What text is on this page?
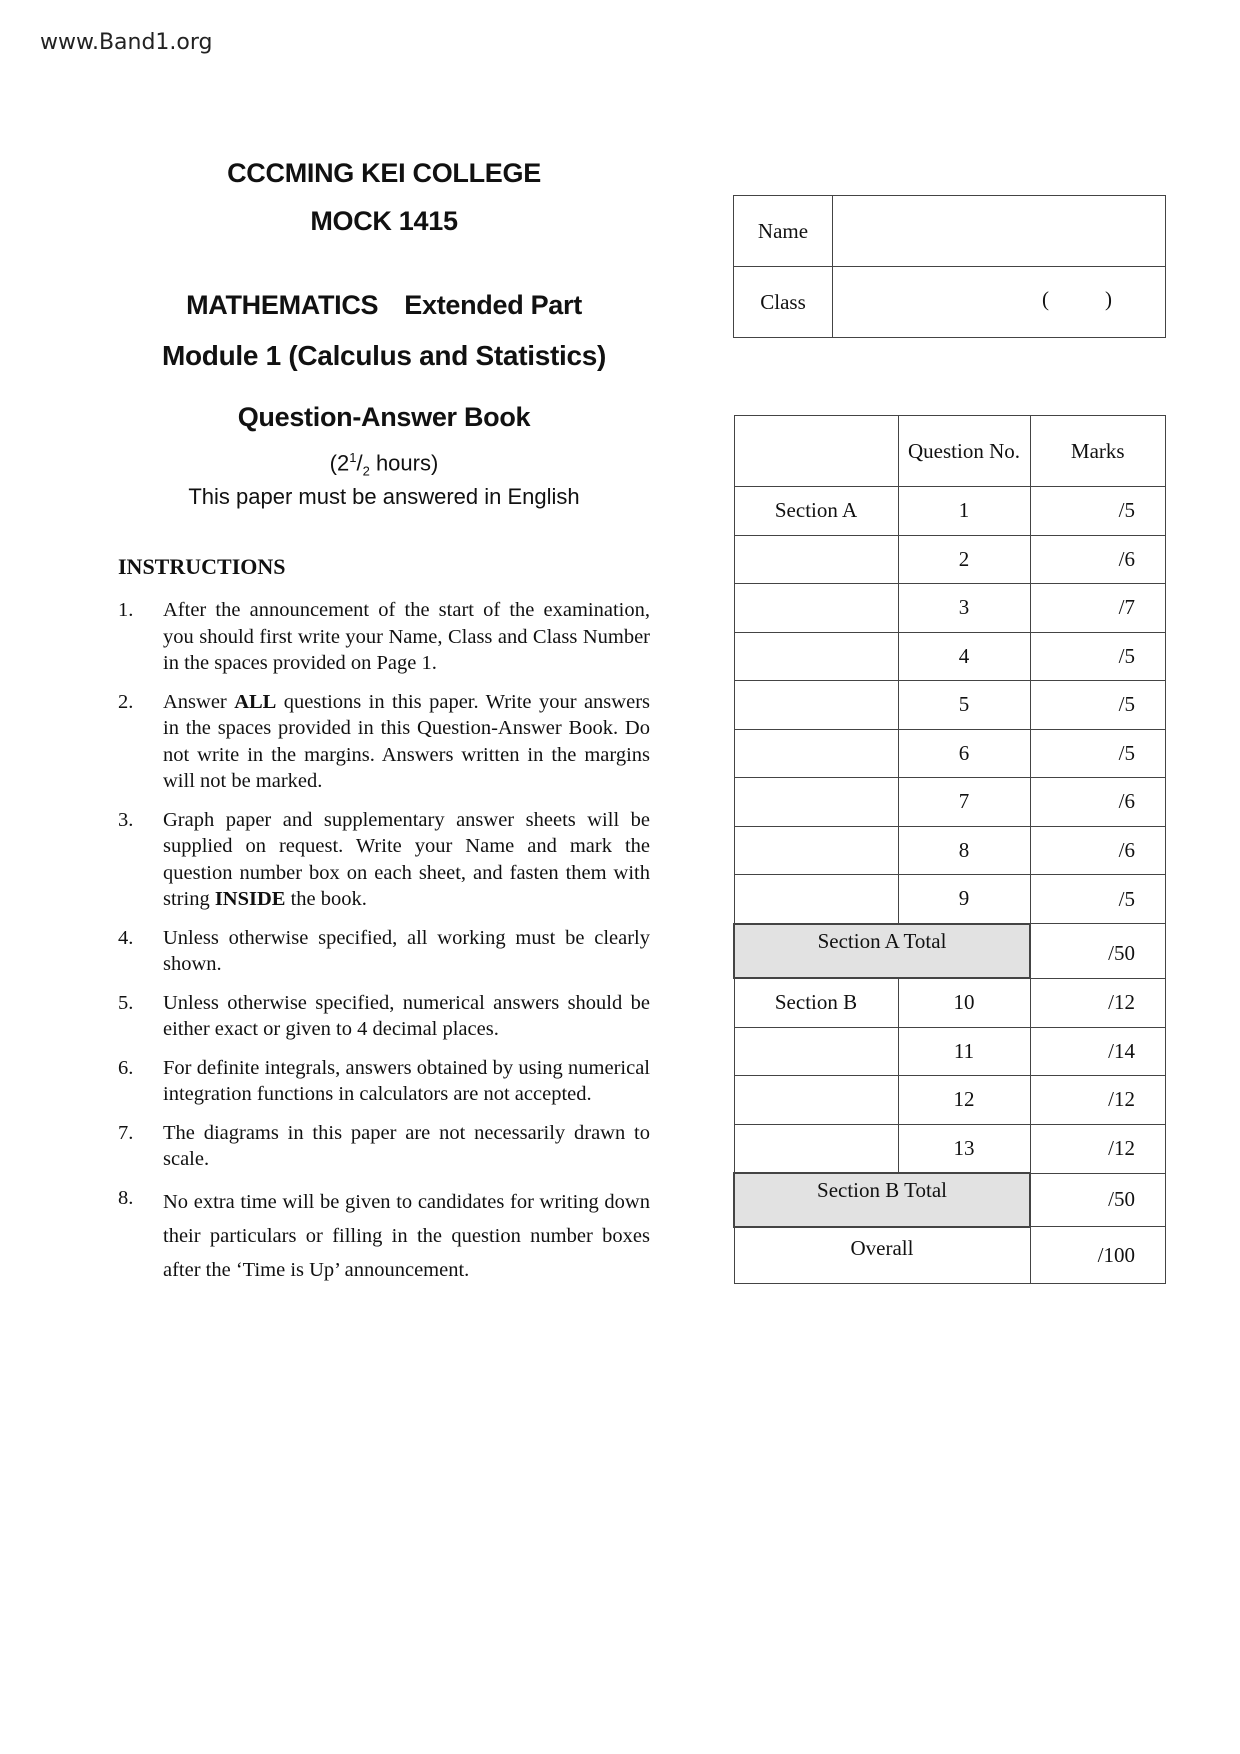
www.Band1.org
CCCMING KEI COLLEGE
MOCK 1415
MATHEMATICS Extended Part
Module 1 (Calculus and Statistics)
Question-Answer Book
($2^1/_2$ hours)
This paper must be answered in English
INSTRUCTIONS
1. After the announcement of the start of the examination, you should first write your Name, Class and Class Number in the spaces provided on Page 1.
2. Answer ALL questions in this paper. Write your answers in the spaces provided in this Question-Answer Book. Do not write in the margins. Answers written in the margins will not be marked.
3. Graph paper and supplementary answer sheets will be supplied on request. Write your Name and mark the question number box on each sheet, and fasten them with string INSIDE the book.
4. Unless otherwise specified, all working must be clearly shown.
5. Unless otherwise specified, numerical answers should be either exact or given to 4 decimal places.
6. For definite integrals, answers obtained by using numerical integration functions in calculators are not accepted.
7. The diagrams in this paper are not necessarily drawn to scale.
8. No extra time will be given to candidates for writing down their particulars or filling in the question number boxes after the ‘Time is Up’ announcement.
Name	
Class	( )
	Question No.	Marks
Section A	1	/5
	2	/6
	3	/7
	4	/5
	5	/5
	6	/5
	7	/6
	8	/6
	9	/5
Section A Total		/50
Section B	10	/12
	11	/14
	12	/12
	13	/12
Section B Total		/50
Overall		/100
